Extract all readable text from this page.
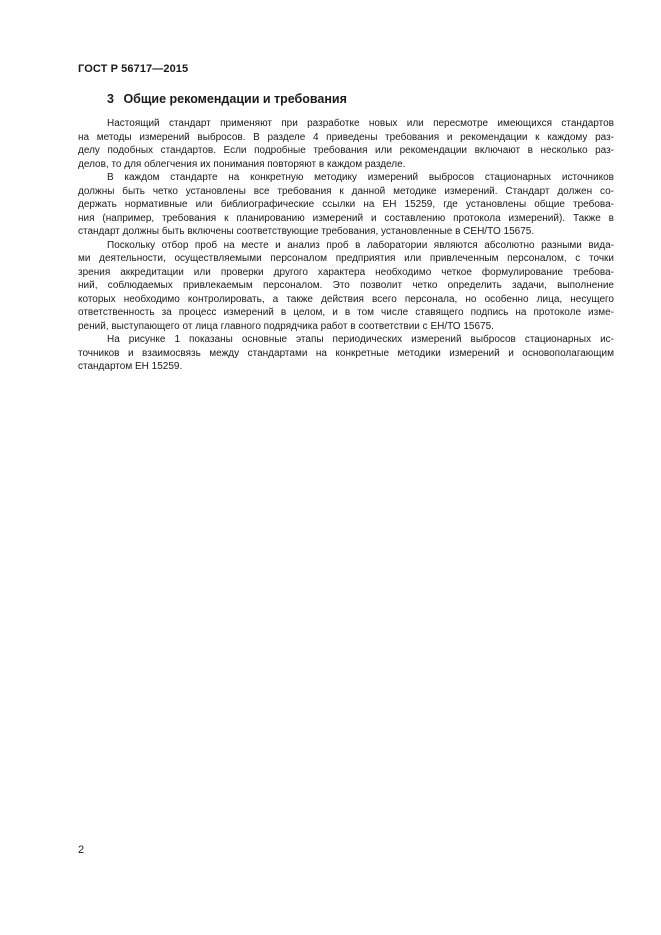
ГОСТ Р 56717—2015
3 Общие рекомендации и требования
Настоящий стандарт применяют при разработке новых или пересмотре имеющихся стандартов
на методы измерений выбросов. В разделе 4 приведены требования и рекомендации к каждому раз-
делу подобных стандартов. Если подробные требования или рекомендации включают в несколько раз-
делов, то для облегчения их понимания повторяют в каждом разделе.
В каждом стандарте на конкретную методику измерений выбросов стационарных источников
должны быть четко установлены все требования к данной методике измерений. Стандарт должен со-
держать нормативные или библиографические ссылки на ЕН 15259, где установлены общие требова-
ния (например, требования к планированию измерений и составлению протокола измерений). Также в
стандарт должны быть включены соответствующие требования, установленные в CEH/TO 15675.
Поскольку отбор проб на месте и анализ проб в лаборатории являются абсолютно разными вида-
ми деятельности, осуществляемыми персоналом предприятия или привлеченным персоналом, с точки
зрения аккредитации или проверки другого характера необходимо четкое формулирование требова-
ний, соблюдаемых привлекаемым персоналом. Это позволит четко определить задачи, выполнение
которых необходимо контролировать, а также действия всего персонала, но особенно лица, несущего
ответственность за процесс измерений в целом, и в том числе ставящего подпись на протоколе изме-
рений, выступающего от лица главного подрядчика работ в соответствии с ЕН/ТО 15675.
На рисунке 1 показаны основные этапы периодических измерений выбросов стационарных ис-
точников и взаимосвязь между стандартами на конкретные методики измерений и основополагающим
стандартом ЕН 15259.
2
